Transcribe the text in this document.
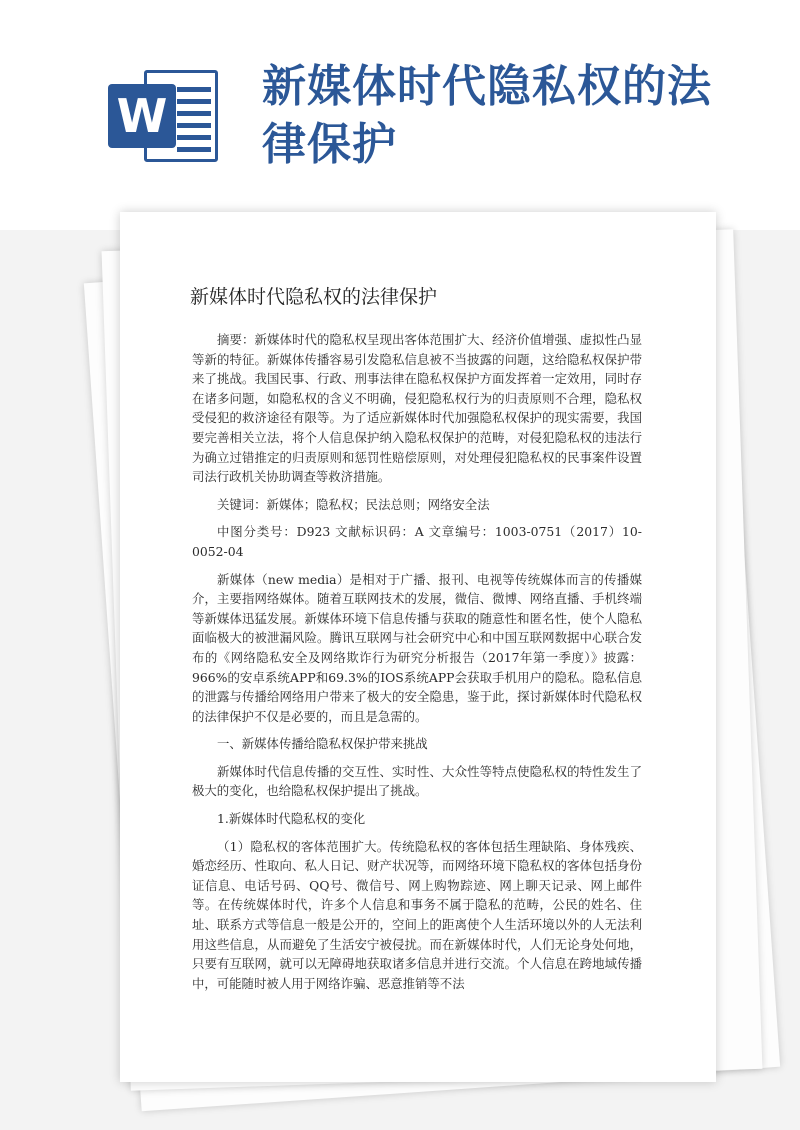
W
新媒体时代隐私权的法律保护
新媒体时代隐私权的法律保护

摘要：新媒体时代的隐私权呈现出客体范围扩大、经济价值增强、虚拟性凸显等新的特征。新媒体传播容易引发隐私信息被不当披露的问题，这给隐私权保护带来了挑战。我国民事、行政、刑事法律在隐私权保护方面发挥着一定效用，同时存在诸多问题，如隐私权的含义不明确，侵犯隐私权行为的归责原则不合理，隐私权受侵犯的救济途径有限等。为了适应新媒体时代加强隐私权保护的现实需要，我国要完善相关立法，将个人信息保护纳入隐私权保护的范畴，对侵犯隐私权的违法行为确立过错推定的归责原则和惩罚性赔偿原则，对处理侵犯隐私权的民事案件设置司法行政机关协助调查等救济措施。

关键词：新媒体；隐私权；民法总则；网络安全法

中图分类号：D923 文献标识码：A 文章编号：1003-0751（2017）10-0052-04

新媒体（new media）是相对于广播、报刊、电视等传统媒体而言的传播媒介，主要指网络媒体。随着互联网技术的发展，微信、微博、网络直播、手机终端等新媒体迅猛发展。新媒体环境下信息传播与获取的随意性和匿名性，使个人隐私面临极大的被泄漏风险。腾讯互联网与社会研究中心和中国互联网数据中心联合发布的《网络隐私安全及网络欺诈行为研究分析报告（2017年第一季度）》披露：966%的安卓系统APP和69.3%的IOS系统APP会获取手机用户的隐私。隐私信息的泄露与传播给网络用户带来了极大的安全隐患，鉴于此，探讨新媒体时代隐私权的法律保护不仅是必要的，而且是急需的。

一、新媒体传播给隐私权保护带来挑战

新媒体时代信息传播的交互性、实时性、大众性等特点使隐私权的特性发生了极大的变化，也给隐私权保护提出了挑战。

1.新媒体时代隐私权的变化

（1）隐私权的客体范围扩大。传统隐私权的客体包括生理缺陷、身体残疾、婚恋经历、性取向、私人日记、财产状况等，而网络环境下隐私权的客体包括身份证信息、电话号码、QQ号、微信号、网上购物踪迹、网上聊天记录、网上邮件等。在传统媒体时代，许多个人信息和事务不属于隐私的范畴，公民的姓名、住址、联系方式等信息一般是公开的，空间上的距离使个人生活环境以外的人无法利用这些信息，从而避免了生活安宁被侵扰。而在新媒体时代，人们无论身处何地，只要有互联网，就可以无障碍地获取诸多信息并进行交流。个人信息在跨地域传播中，可能随时被人用于网络诈骗、恶意推销等不法
